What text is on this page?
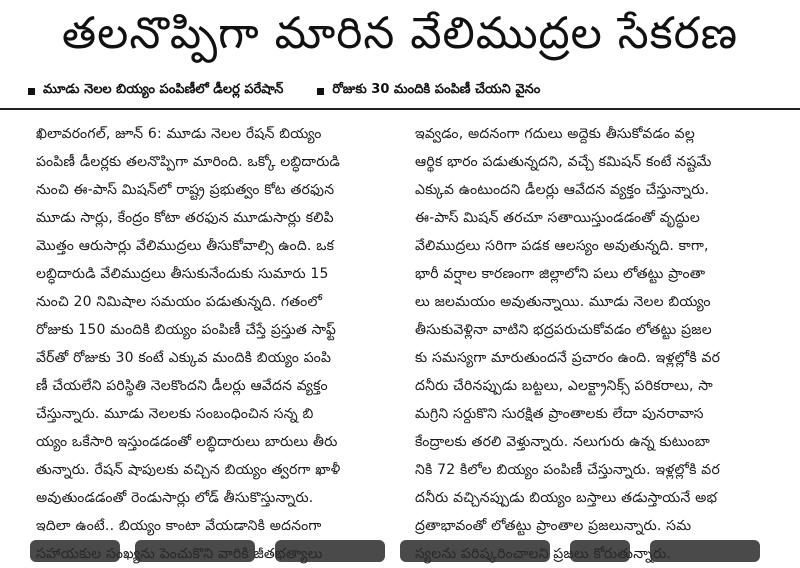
తలనొప్పిగా మారిన వేలిముద్రల సేకరణ
మూడు నెలల బియ్యం పంపిణీలో డీలర్ల పరేషాన్	రోజుకు 30 మందికి పంపిణీ చేయని వైనం
ఖిలావరంగల్, జూన్ 6: మూడు నెలల రేషన్ బియ్యం
పంపిణీ డీలర్లకు తలనొప్పిగా మారింది. ఒక్కో లబ్ధిదారుడి
నుంచి ఈ-పాస్ మిషన్‌లో రాష్ట్ర ప్రభుత్వం కోట తరఫున
మూడు సార్లు, కేంద్రం కోటా తరఫున మూడుసార్లు కలిపి
మొత్తం ఆరుసార్లు వేలిముద్రలు తీసుకోవాల్సి ఉంది. ఒక
లబ్ధిదారుడి వేలిముద్రలు తీసుకునేందుకు సుమారు 15
నుంచి 20 నిమిషాల సమయం పడుతున్నది. గతంలో
రోజుకు 150 మందికి బియ్యం పంపిణీ చేస్తే ప్రస్తుత సాఫ్ట్
వేర్‌తో రోజుకు 30 కంటే ఎక్కువ మందికి బియ్యం పంపి
ణీ చేయలేని పరిస్థితి నెలకొందని డీలర్లు ఆవేదన వ్యక్తం
చేస్తున్నారు. మూడు నెలలకు సంబంధించిన సన్న బి
య్యం ఒకేసారి ఇస్తుండడంతో లబ్ధిదారులు బారులు తీరు
తున్నారు. రేషన్ షాపులకు వచ్చిన బియ్యం త్వరగా ఖాళీ
అవుతుండడంతో రెండుసార్లు లోడ్ తీసుకొస్తున్నారు.
ఇదిలా ఉంటే.. బియ్యం కాంటా వేయడానికి అదనంగా
సంఖ్యను
ఇవ్వడం, అదనంగా గదులు అద్దెకు తీసుకోవడం వల్ల
ఆర్థిక భారం పడుతున్నదని, వచ్చే కమిషన్ కంటే నష్టమే
ఎక్కువ ఉంటుందని డీలర్లు ఆవేదన వ్యక్తం చేస్తున్నారు.
ఈ-పాస్ మిషన్ తరచూ సతాయిస్తుండడంతో వృద్ధుల
వేలిముద్రలు సరిగా పడక ఆలస్యం అవుతున్నది. కాగా,
భారీ వర్షాల కారణంగా జిల్లాలోని పలు లోతట్టు ప్రాంతా
లు జలమయం అవుతున్నాయి. మూడు నెలల బియ్యం
తీసుకువెళ్లినా వాటిని భద్రపరుచుకోవడం లోతట్టు ప్రజల
కు సమస్యగా మారుతుందనే ప్రచారం ఉంది. ఇళ్లల్లోకి వర
దనీరు చేరినప్పుడు బట్టలు, ఎలక్ట్రానిక్స్ పరికరాలు, సా
మగ్రిని సర్దుకొని సురక్షిత ప్రాంతాలకు లేదా పునరావాస
కేంద్రాలకు తరలి వెళ్తున్నారు. నలుగురు ఉన్న కుటుంబా
నికి 72 కిలోల బియ్యం పంపిణీ చేస్తున్నారు. ఇళ్లల్లోకి వర
దనీరు వచ్చినప్పుడు బియ్యం బస్తాలు తడుస్తాయనే అభ
ద్రతాభావంతో లోతట్టు ప్రాంతాల ప్రజలున్నారు. సమ
కోరుతున్నారు.
